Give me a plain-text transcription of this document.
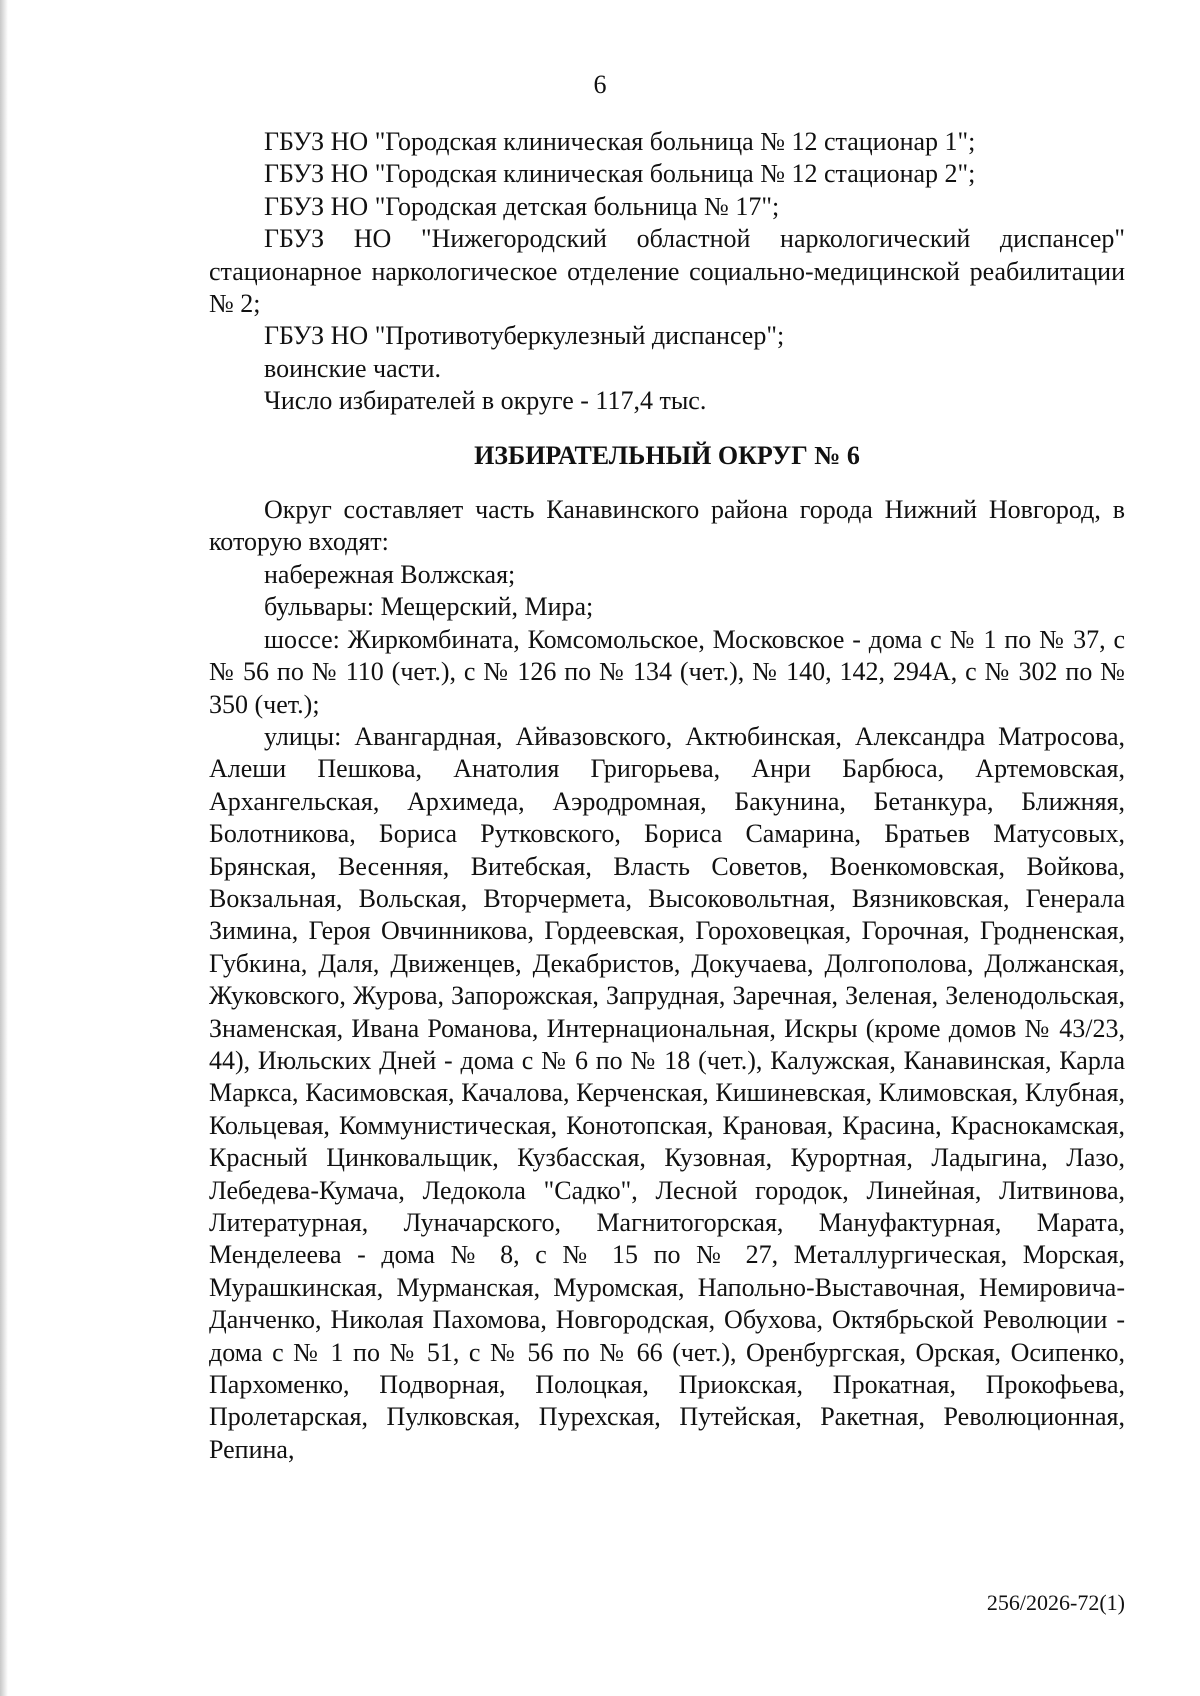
6

ГБУЗ НО "Городская клиническая больница № 12 стационар 1";

ГБУЗ НО "Городская клиническая больница № 12 стационар 2";

ГБУЗ НО "Городская детская больница № 17";

ГБУЗ НО "Нижегородский областной наркологический диспансер" стационарное наркологическое отделение социально-медицинской реабилитации № 2;

ГБУЗ НО "Противотуберкулезный диспансер";

воинские части.

Число избирателей в округе - 117,4 тыс.

ИЗБИРАТЕЛЬНЫЙ ОКРУГ № 6

Округ составляет часть Канавинского района города Нижний Новгород, в которую входят:

набережная Волжская;

бульвары: Мещерский, Мира;

шоссе: Жиркомбината, Комсомольское, Московское - дома с № 1 по № 37, с № 56 по № 110 (чет.), с № 126 по № 134 (чет.), № 140, 142, 294А, с № 302 по № 350 (чет.);

улицы: Авангардная, Айвазовского, Актюбинская, Александра Матросова, Алеши Пешкова, Анатолия Григорьева, Анри Барбюса, Артемовская, Архангельская, Архимеда, Аэродромная, Бакунина, Бетанкура, Ближняя, Болотникова, Бориса Рутковского, Бориса Самарина, Братьев Матусовых, Брянская, Весенняя, Витебская, Власть Советов, Военкомовская, Войкова, Вокзальная, Вольская, Вторчермета, Высоковольтная, Вязниковская, Генерала Зимина, Героя Овчинникова, Гордеевская, Гороховецкая, Горочная, Гродненская, Губкина, Даля, Движенцев, Декабристов, Докучаева, Долгополова, Должанская, Жуковского, Журова, Запорожская, Запрудная, Заречная, Зеленая, Зеленодольская, Знаменская, Ивана Романова, Интернациональная, Искры (кроме домов № 43/23, 44), Июльских Дней - дома с № 6 по № 18 (чет.), Калужская, Канавинская, Карла Маркса, Касимовская, Качалова, Керченская, Кишиневская, Климовская, Клубная, Кольцевая, Коммунистическая, Конотопская, Крановая, Красина, Краснокамская, Красный Цинковальщик, Кузбасская, Кузовная, Курортная, Ладыгина, Лазо, Лебедева-Кумача, Ледокола "Садко", Лесной городок, Линейная, Литвинова, Литературная, Луначарского, Магнитогорская, Мануфактурная, Марата, Менделеева - дома № 8, с № 15 по № 27, Металлургическая, Морская, Мурашкинская, Мурманская, Муромская, Напольно-Выставочная, Немировича-Данченко, Николая Пахомова, Новгородская, Обухова, Октябрьской Революции - дома с № 1 по № 51, с № 56 по № 66 (чет.), Оренбургская, Орская, Осипенко, Пархоменко, Подворная, Полоцкая, Приокская, Прокатная, Прокофьева, Пролетарская, Пулковская, Пурехская, Путейская, Ракетная, Революционная, Репина,

256/2026-72(1)
